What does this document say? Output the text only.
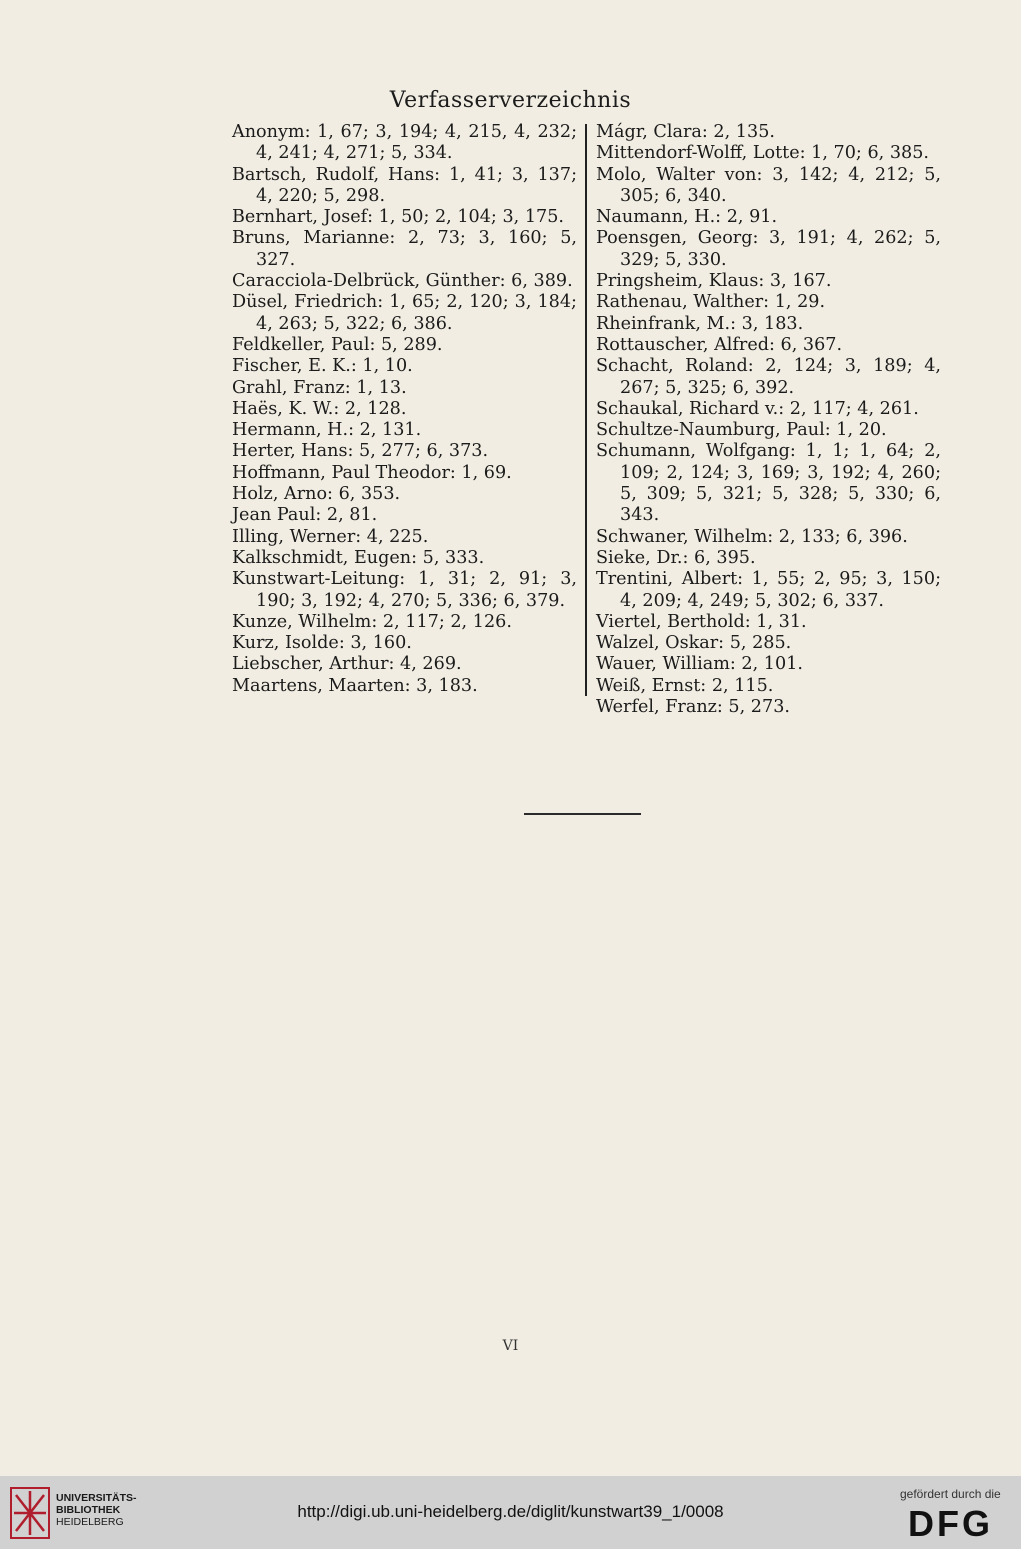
Verfasserverzeichnis
Anonym: 1, 67; 3, 194; 4, 215, 4, 232; 4, 241; 4, 271; 5, 334.
Bartsch, Rudolf, Hans: 1, 41; 3, 137; 4, 220; 5, 298.
Bernhart, Josef: 1, 50; 2, 104; 3, 175.
Bruns, Marianne: 2, 73; 3, 160; 5, 327.
Caracciola-Delbrück, Günther: 6, 389.
Düsel, Friedrich: 1, 65; 2, 120; 3, 184; 4, 263; 5, 322; 6, 386.
Feldkeller, Paul: 5, 289.
Fischer, E. K.: 1, 10.
Grahl, Franz: 1, 13.
Haës, K. W.: 2, 128.
Hermann, H.: 2, 131.
Herter, Hans: 5, 277; 6, 373.
Hoffmann, Paul Theodor: 1, 69.
Holz, Arno: 6, 353.
Jean Paul: 2, 81.
Illing, Werner: 4, 225.
Kalkschmidt, Eugen: 5, 333.
Kunstwart-Leitung: 1, 31; 2, 91; 3, 190; 3, 192; 4, 270; 5, 336; 6, 379.
Kunze, Wilhelm: 2, 117; 2, 126.
Kurz, Isolde: 3, 160.
Liebscher, Arthur: 4, 269.
Maartens, Maarten: 3, 183.
Mágr, Clara: 2, 135.
Mittendorf-Wolff, Lotte: 1, 70; 6, 385.
Molo, Walter von: 3, 142; 4, 212; 5, 305; 6, 340.
Naumann, H.: 2, 91.
Poensgen, Georg: 3, 191; 4, 262; 5, 329; 5, 330.
Pringsheim, Klaus: 3, 167.
Rathenau, Walther: 1, 29.
Rheinfrank, M.: 3, 183.
Rottauscher, Alfred: 6, 367.
Schacht, Roland: 2, 124; 3, 189; 4, 267; 5, 325; 6, 392.
Schaukal, Richard v.: 2, 117; 4, 261.
Schultze-Naumburg, Paul: 1, 20.
Schumann, Wolfgang: 1, 1; 1, 64; 2, 109; 2, 124; 3, 169; 3, 192; 4, 260; 5, 309; 5, 321; 5, 328; 5, 330; 6, 343.
Schwaner, Wilhelm: 2, 133; 6, 396.
Sieke, Dr.: 6, 395.
Trentini, Albert: 1, 55; 2, 95; 3, 150; 4, 209; 4, 249; 5, 302; 6, 337.
Viertel, Berthold: 1, 31.
Walzel, Oskar: 5, 285.
Wauer, William: 2, 101.
Weiß, Ernst: 2, 115.
Werfel, Franz: 5, 273.
VI
UNIVERSITÄTS-
BIBLIOTHEK
HEIDELBERG
http://digi.ub.uni-heidelberg.de/diglit/kunstwart39_1/0008
gefördert durch die
DFG
